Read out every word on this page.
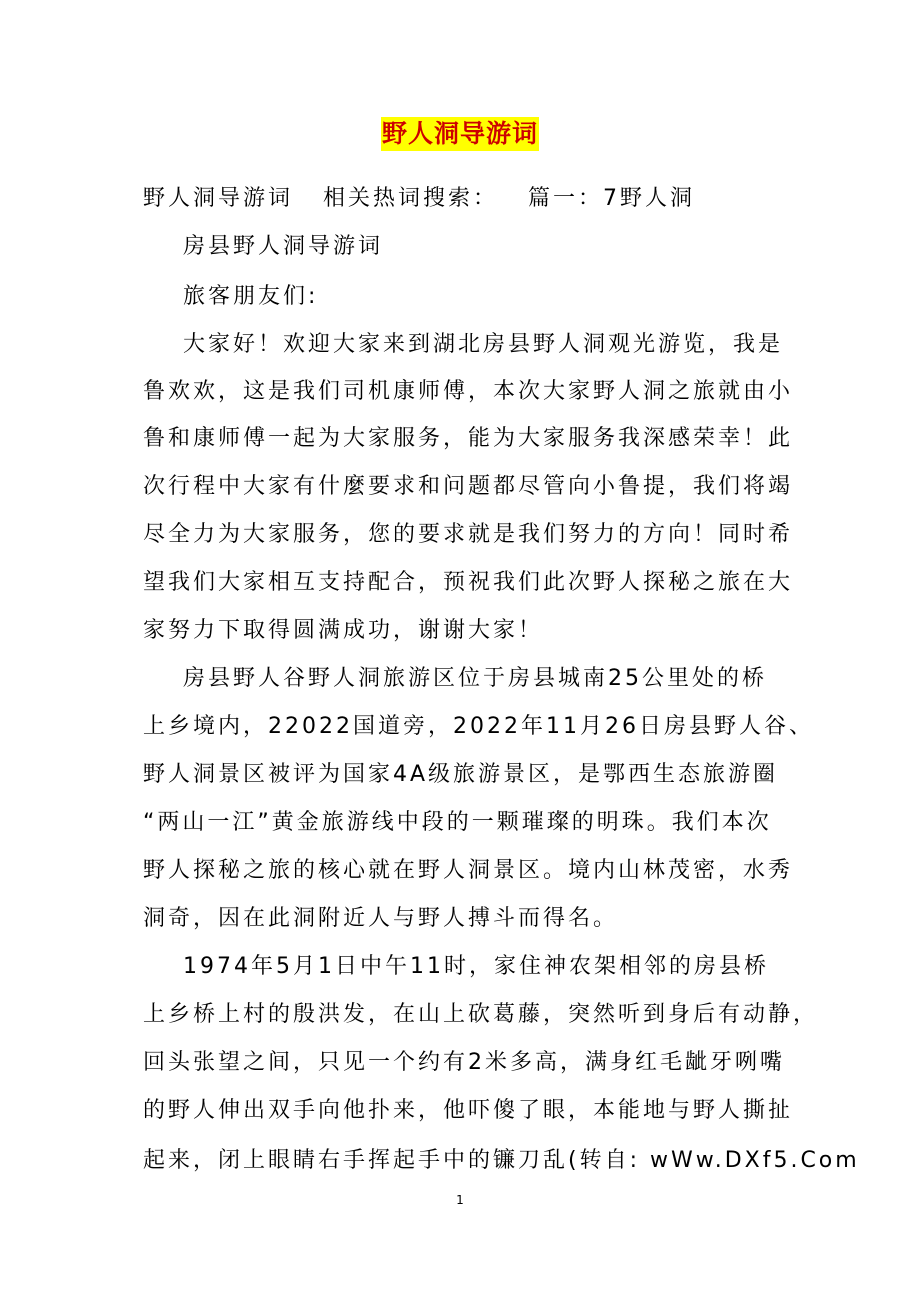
野人洞导游词
野人洞导游词   相关热词搜索：   篇一：7野人洞
房县野人洞导游词
旅客朋友们:
大家好！欢迎大家来到湖北房县野人洞观光游览，我是
鲁欢欢，这是我们司机康师傅，本次大家野人洞之旅就由小
鲁和康师傅一起为大家服务，能为大家服务我深感荣幸！此
次行程中大家有什麼要求和问题都尽管向小鲁提，我们将竭
尽全力为大家服务，您的要求就是我们努力的方向！同时希
望我们大家相互支持配合，预祝我们此次野人探秘之旅在大
家努力下取得圆满成功，谢谢大家！
房县野人谷野人洞旅游区位于房县城南25公里处的桥
上乡境内，22022国道旁，2022年11月26日房县野人谷、
野人洞景区被评为国家4A级旅游景区，是鄂西生态旅游圈
“两山一江”黄金旅游线中段的一颗璀璨的明珠。我们本次
野人探秘之旅的核心就在野人洞景区。境内山林茂密，水秀
洞奇，因在此洞附近人与野人搏斗而得名。
1974年5月1日中午11时，家住神农架相邻的房县桥
上乡桥上村的殷洪发，在山上砍葛藤，突然听到身后有动静，
回头张望之间，只见一个约有2米多高，满身红毛龇牙咧嘴
的野人伸出双手向他扑来，他吓傻了眼，本能地与野人撕扯
起来，闭上眼睛右手挥起手中的镰刀乱(转自: wWw.DXf5.Com
1
